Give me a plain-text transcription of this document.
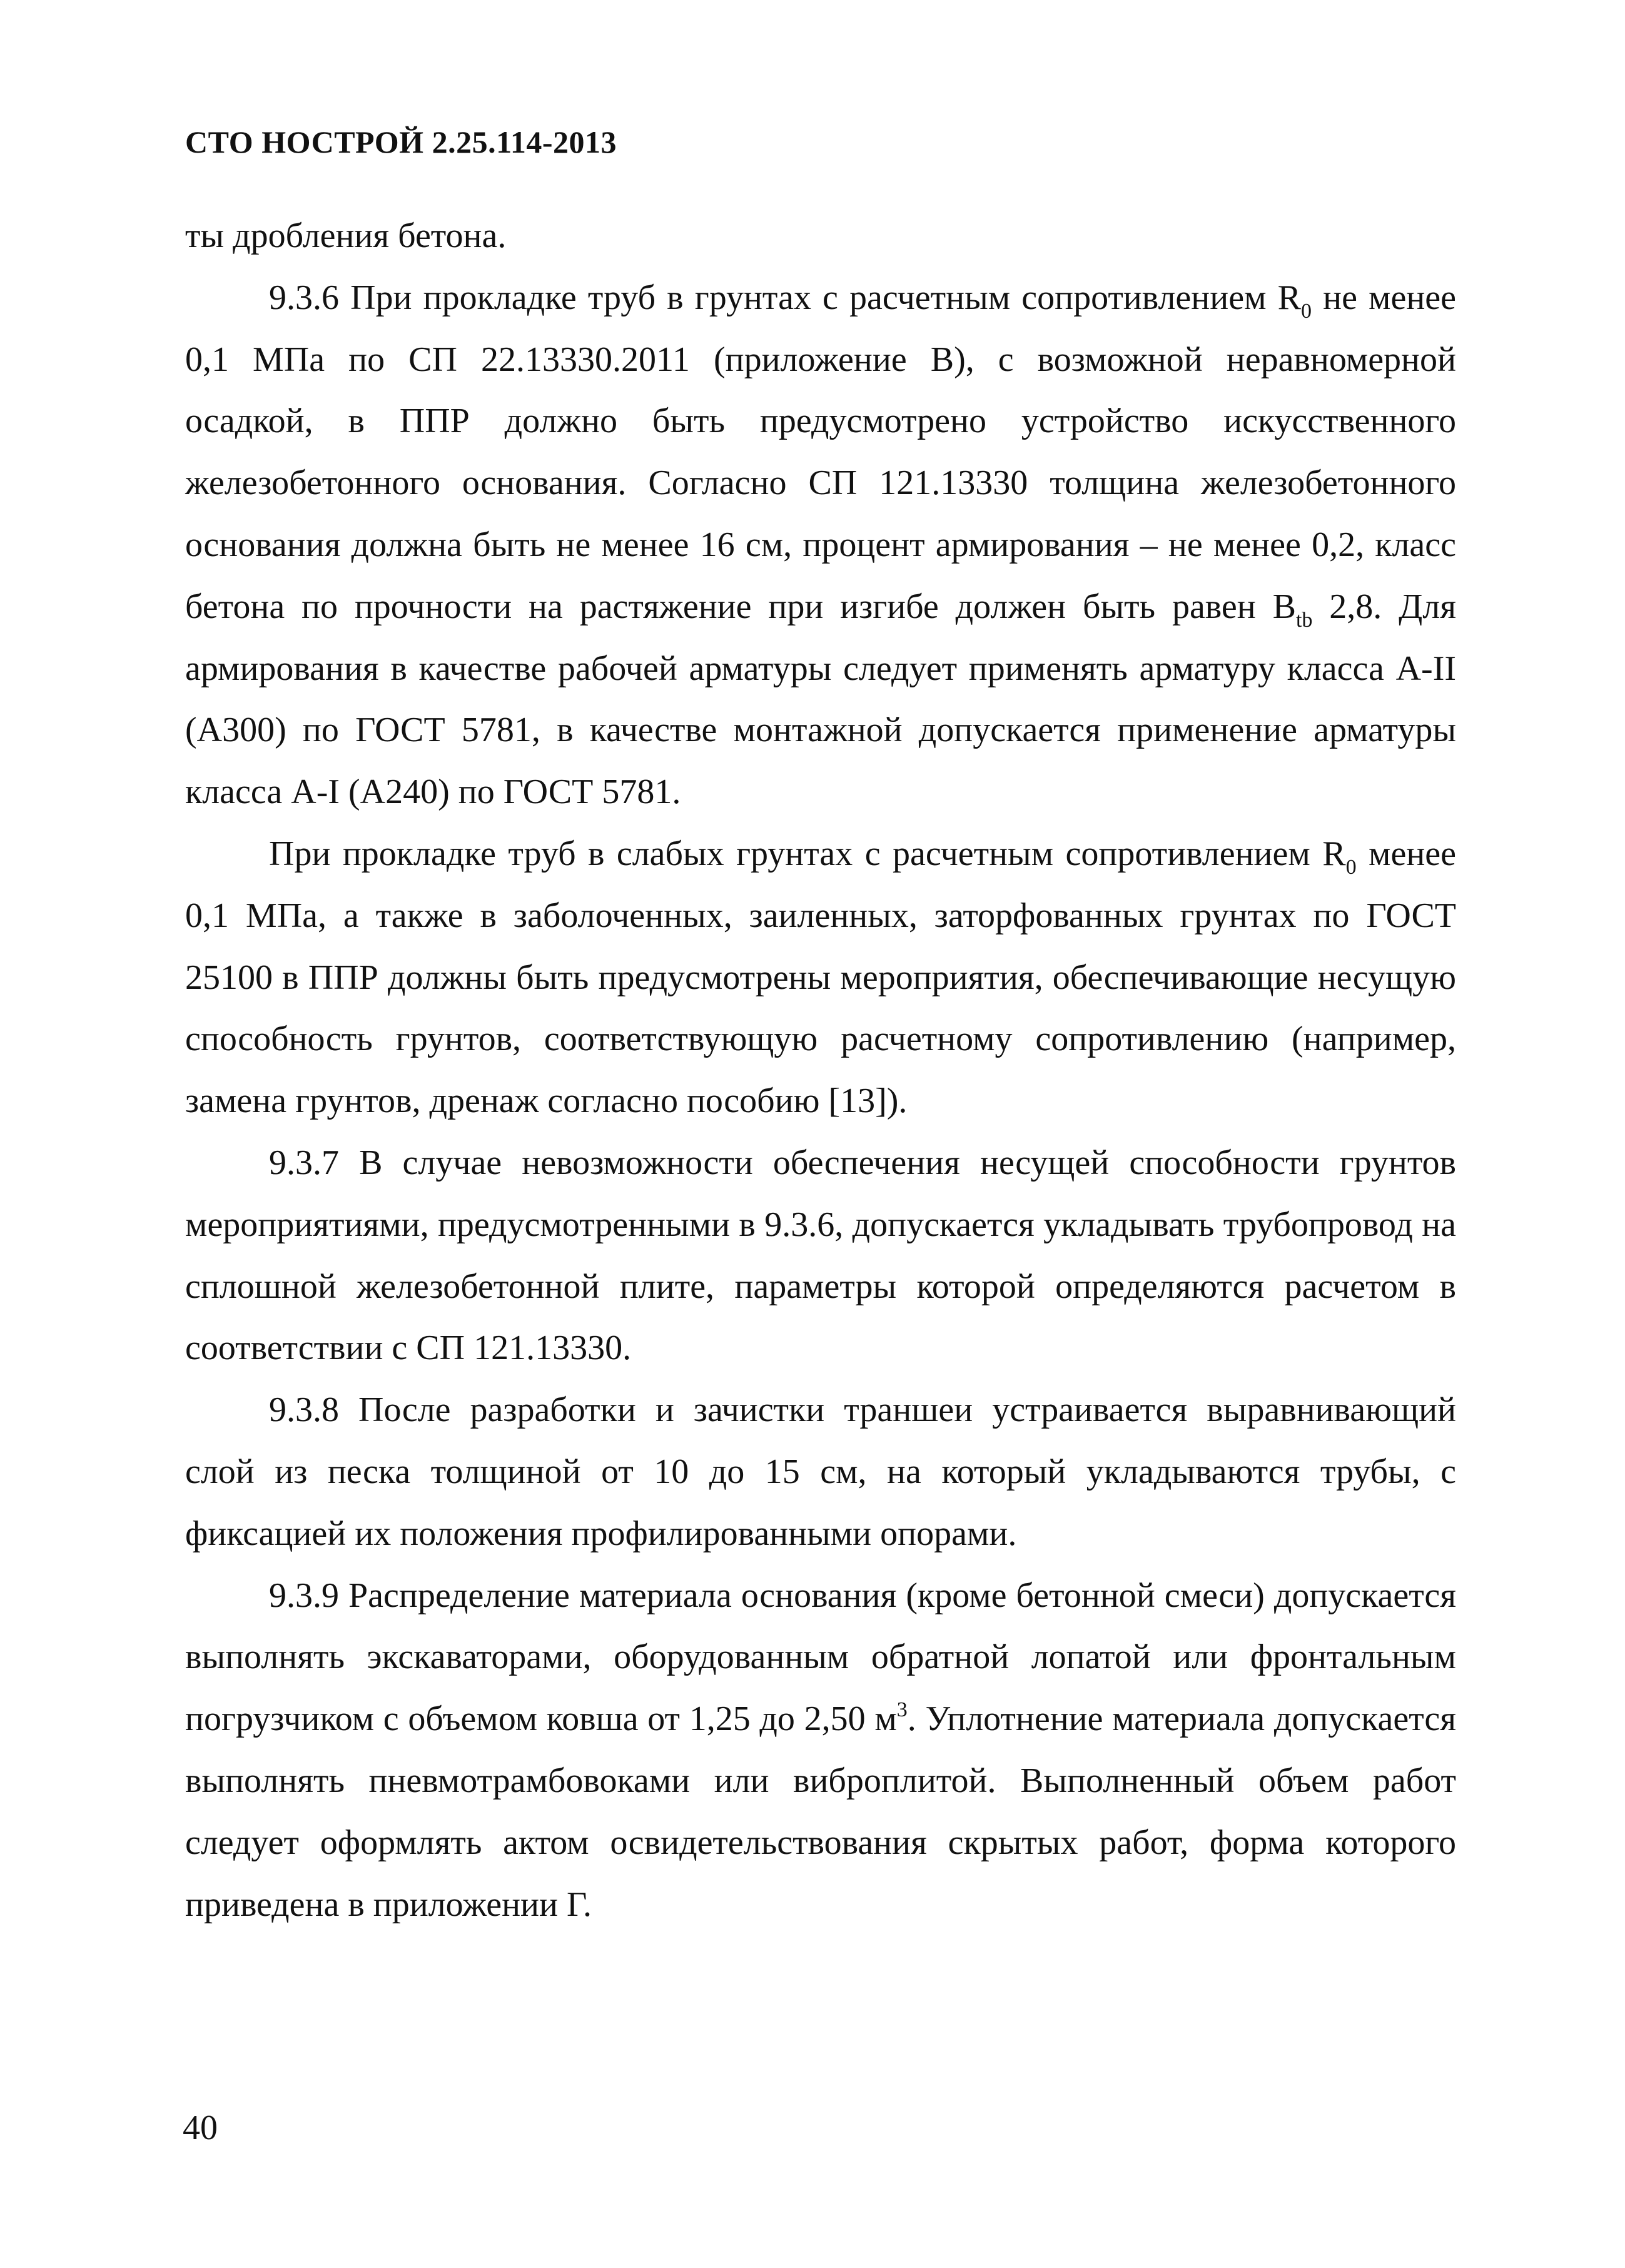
СТО НОСТРОЙ 2.25.114-2013

ты дробления бетона.

9.3.6 При прокладке труб в грунтах с расчетным сопротивлением $R_0$ не менее 0,1 МПа по СП 22.13330.2011 (приложение В), с возможной неравномерной осадкой, в ППР должно быть предусмотрено устройство искусственного железобетонного основания. Согласно СП 121.13330 толщина железобетонного основания должна быть не менее 16 см, процент армирования – не менее 0,2, класс бетона по прочности на растяжение при изгибе должен быть равен $B_{tb}$ 2,8. Для армирования в качестве рабочей арматуры следует применять арматуру класса А-II (А300) по ГОСТ 5781, в качестве монтажной допускается применение арматуры класса А-I (А240) по ГОСТ 5781.

При прокладке труб в слабых грунтах с расчетным сопротивлением $R_0$ менее 0,1 МПа, а также в заболоченных, заиленных, заторфованных грунтах по ГОСТ 25100 в ППР должны быть предусмотрены мероприятия, обеспечивающие несущую способность грунтов, соответствующую расчетному сопротивлению (например, замена грунтов, дренаж согласно пособию [13]).

9.3.7 В случае невозможности обеспечения несущей способности грунтов мероприятиями, предусмотренными в 9.3.6, допускается укладывать трубопровод на сплошной железобетонной плите, параметры которой определяются расчетом в соответствии с СП 121.13330.

9.3.8 После разработки и зачистки траншеи устраивается выравнивающий слой из песка толщиной от 10 до 15 см, на который укладываются трубы, с фиксацией их положения профилированными опорами.

9.3.9 Распределение материала основания (кроме бетонной смеси) допускается выполнять экскаваторами, оборудованным обратной лопатой или фронтальным погрузчиком с объемом ковша от 1,25 до 2,50 $м^3$. Уплотнение материала допускается выполнять пневмотрамбовоками или виброплитой. Выполненный объем работ следует оформлять актом освидетельствования скрытых работ, форма которого приведена в приложении Г.

40
